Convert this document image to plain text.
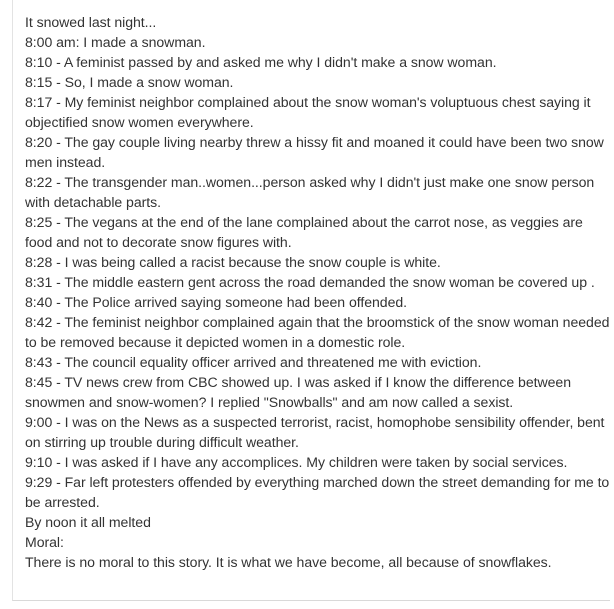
It snowed last night...

8:00 am: I made a snowman.

8:10 - A feminist passed by and asked me why I didn't make a snow woman.

8:15 - So, I made a snow woman.

8:17 - My feminist neighbor complained about the snow woman's voluptuous chest saying it objectified snow women everywhere.

8:20 - The gay couple living nearby threw a hissy fit and moaned it could have been two snow men instead.

8:22 - The transgender man..women...person asked why I didn't just make one snow person with detachable parts.

8:25 - The vegans at the end of the lane complained about the carrot nose, as veggies are food and not to decorate snow figures with.

8:28 - I was being called a racist because the snow couple is white.

8:31 - The middle eastern gent across the road demanded the snow woman be covered up .

8:40 - The Police arrived saying someone had been offended.

8:42 - The feminist neighbor complained again that the broomstick of the snow woman needed to be removed because it depicted women in a domestic role.

8:43 - The council equality officer arrived and threatened me with eviction.

8:45 - TV news crew from CBC showed up. I was asked if I know the difference between snowmen and snow-women? I replied "Snowballs" and am now called a sexist.

9:00 - I was on the News as a suspected terrorist, racist, homophobe sensibility offender, bent on stirring up trouble during difficult weather.

9:10 - I was asked if I have any accomplices. My children were taken by social services.

9:29 - Far left protesters offended by everything marched down the street demanding for me to be arrested.

By noon it all melted

Moral:

There is no moral to this story. It is what we have become, all because of snowflakes.
